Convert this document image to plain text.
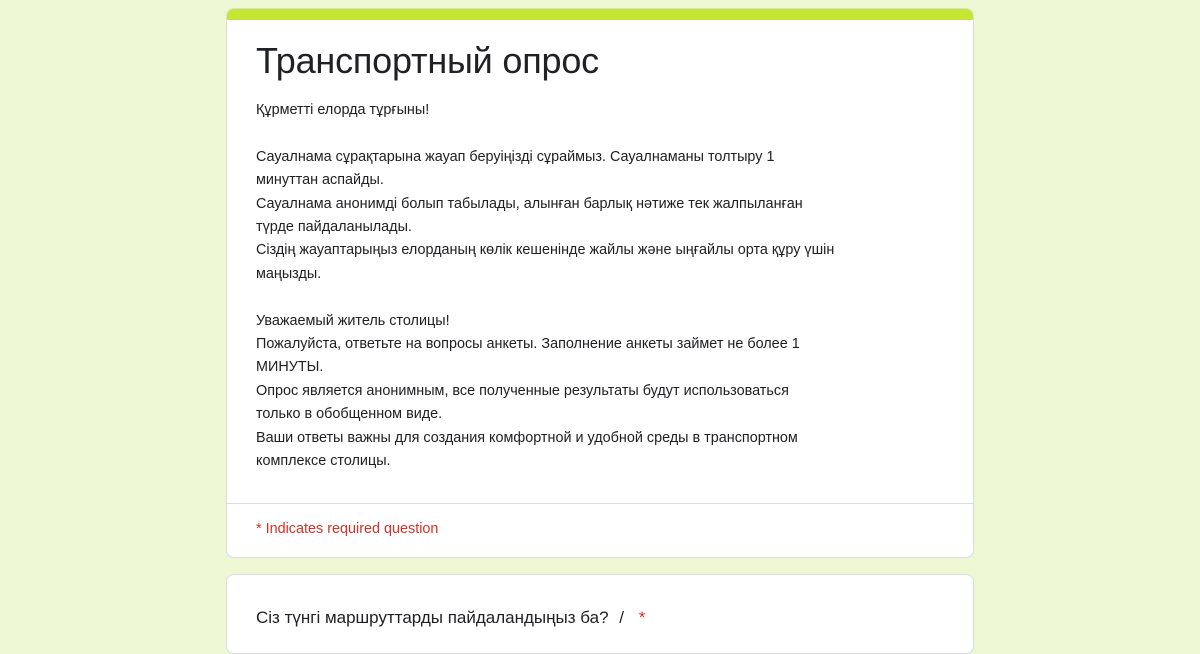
Транспортный опрос
Құрметті елорда тұрғыны!
Сауалнама сұрақтарына жауап беруіңізді сұраймыз. Сауалнаманы толтыру 1
минуттан аспайды.
Сауалнама анонимді болып табылады, алынған барлық нәтиже тек жалпыланған
түрде пайдаланылады.
Сіздің жауаптарыңыз елорданың көлік кешенінде жайлы және ыңғайлы орта құру үшін
маңызды.
Уважаемый житель столицы!
Пожалуйста, ответьте на вопросы анкеты. Заполнение анкеты займет не более 1
МИНУТЫ.
Опрос является анонимным, все полученные результаты будут использоваться
только в обобщенном виде.
Ваши ответы важны для создания комфортной и удобной среды в транспортном
комплексе столицы.
* Indicates required question
Сіз түнгі маршруттарды пайдаландыңыз ба? / *
